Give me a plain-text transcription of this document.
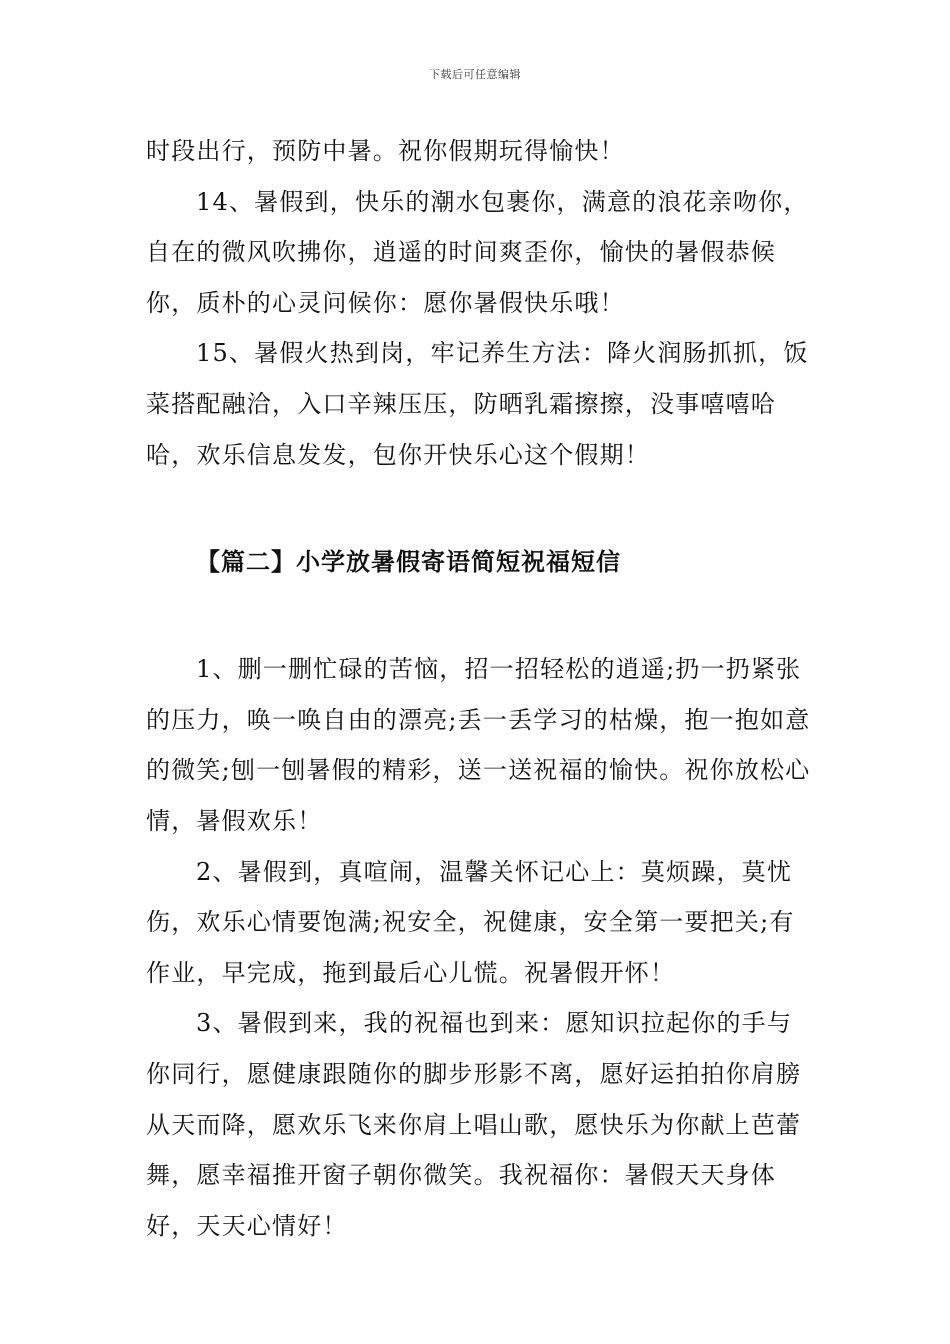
下载后可任意编辑

时段出行，预防中暑。祝你假期玩得愉快！

14、暑假到，快乐的潮水包裹你，满意的浪花亲吻你，自在的微风吹拂你，逍遥的时间爽歪你，愉快的暑假恭候你，质朴的心灵问候你：愿你暑假快乐哦！

15、暑假火热到岗，牢记养生方法：降火润肠抓抓，饭菜搭配融洽，入口辛辣压压，防晒乳霜擦擦，没事嘻嘻哈哈，欢乐信息发发，包你开快乐心这个假期！

【篇二】小学放暑假寄语简短祝福短信

1、删一删忙碌的苦恼，招一招轻松的逍遥;扔一扔紧张的压力，唤一唤自由的漂亮;丢一丢学习的枯燥，抱一抱如意的微笑;刨一刨暑假的精彩，送一送祝福的愉快。祝你放松心情，暑假欢乐！

2、暑假到，真喧闹，温馨关怀记心上：莫烦躁，莫忧伤，欢乐心情要饱满;祝安全，祝健康，安全第一要把关;有作业，早完成，拖到最后心儿慌。祝暑假开怀！

3、暑假到来，我的祝福也到来：愿知识拉起你的手与你同行，愿健康跟随你的脚步形影不离，愿好运拍拍你肩膀从天而降，愿欢乐飞来你肩上唱山歌，愿快乐为你献上芭蕾舞，愿幸福推开窗子朝你微笑。我祝福你：暑假天天身体好，天天心情好！
